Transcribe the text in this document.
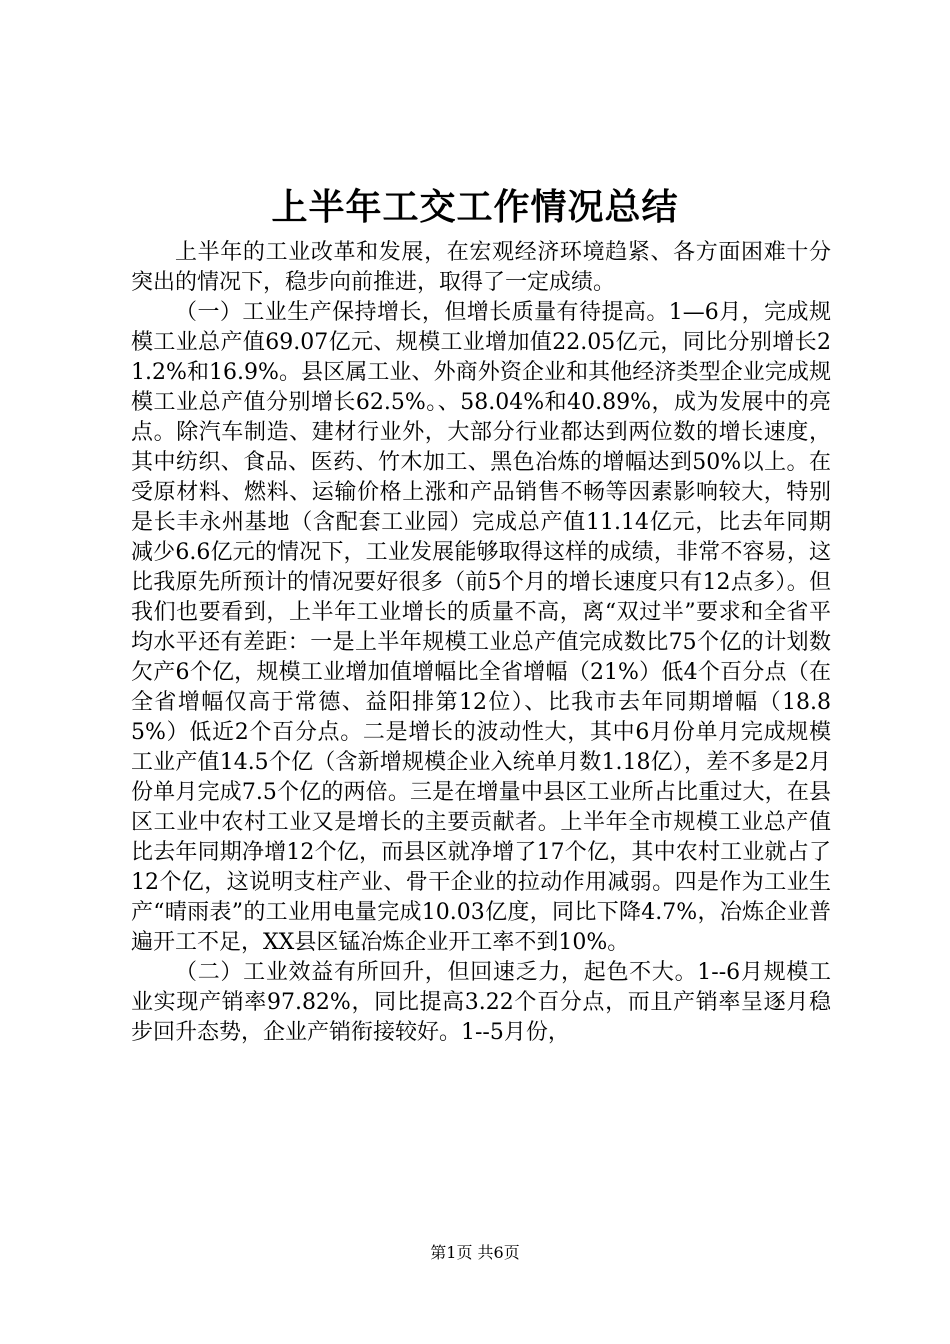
上半年工交工作情况总结

上半年的工业改革和发展，在宏观经济环境趋紧、各方面困难十分突出的情况下，稳步向前推进，取得了一定成绩。

（一）工业生产保持增长，但增长质量有待提高。1—6月，完成规模工业总产值69.07亿元、规模工业增加值22.05亿元，同比分别增长21.2%和16.9%。县区属工业、外商外资企业和其他经济类型企业完成规模工业总产值分别增长62.5%。、58.04%和40.89%，成为发展中的亮点。除汽车制造、建材行业外，大部分行业都达到两位数的增长速度，其中纺织、食品、医药、竹木加工、黑色冶炼的增幅达到50%以上。在受原材料、燃料、运输价格上涨和产品销售不畅等因素影响较大，特别是长丰永州基地（含配套工业园）完成总产值11.14亿元，比去年同期减少6.6亿元的情况下，工业发展能够取得这样的成绩，非常不容易，这比我原先所预计的情况要好很多（前5个月的增长速度只有12点多）。但我们也要看到，上半年工业增长的质量不高，离“双过半”要求和全省平均水平还有差距：一是上半年规模工业总产值完成数比75个亿的计划数欠产6个亿，规模工业增加值增幅比全省增幅（21%）低4个百分点（在全省增幅仅高于常德、益阳排第12位）、比我市去年同期增幅（18.85%）低近2个百分点。二是增长的波动性大，其中6月份单月完成规模工业产值14.5个亿（含新增规模企业入统单月数1.18亿），差不多是2月份单月完成7.5个亿的两倍。三是在增量中县区工业所占比重过大，在县区工业中农村工业又是增长的主要贡献者。上半年全市规模工业总产值比去年同期净增12个亿，而县区就净增了17个亿，其中农村工业就占了12个亿，这说明支柱产业、骨干企业的拉动作用减弱。四是作为工业生产“晴雨表”的工业用电量完成10.03亿度，同比下降4.7%，冶炼企业普遍开工不足，XX县区锰冶炼企业开工率不到10%。

（二）工业效益有所回升，但回速乏力，起色不大。1--6月规模工业实现产销率97.82%，同比提高3.22个百分点，而且产销率呈逐月稳步回升态势，企业产销衔接较好。1--5月份，

第1页 共6页
